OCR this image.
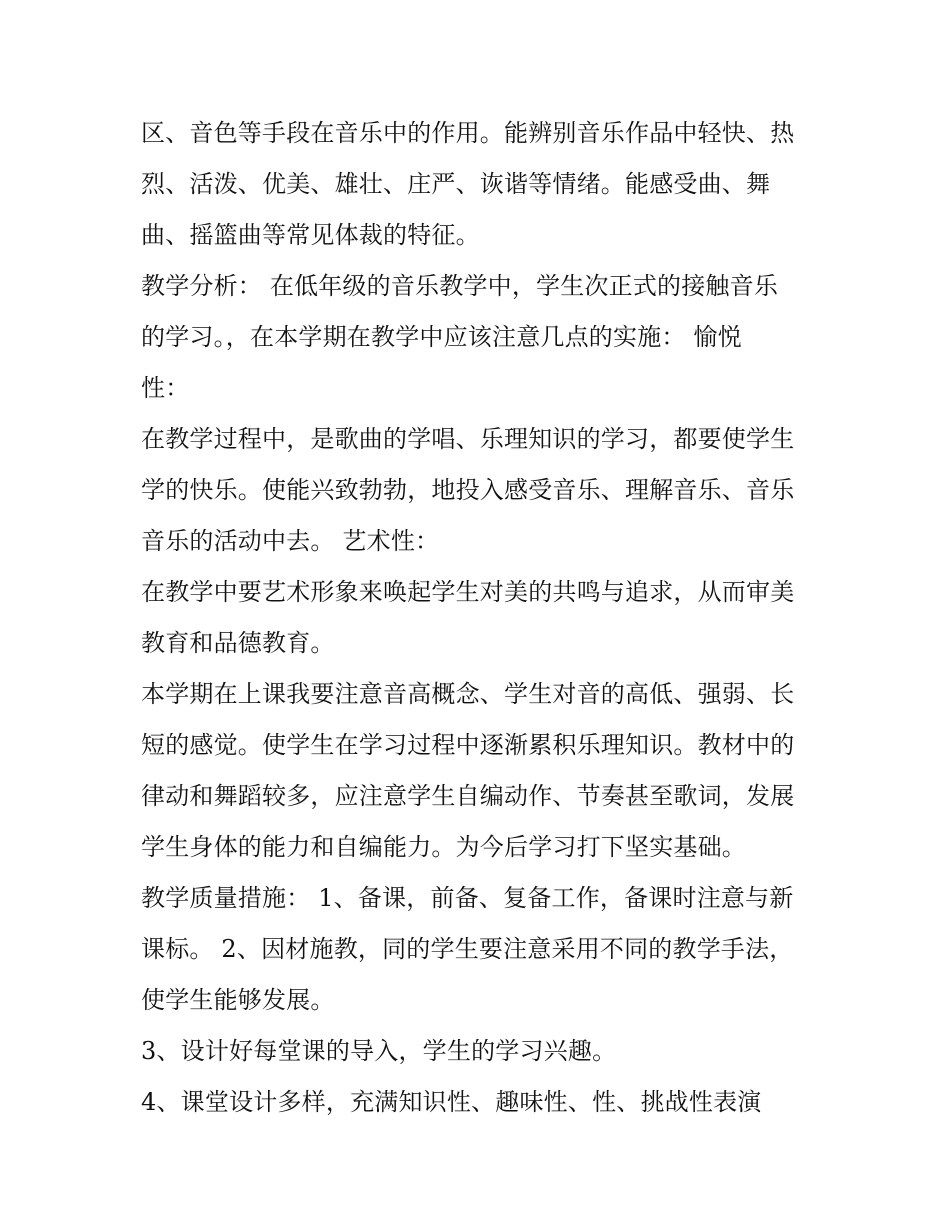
区、音色等手段在音乐中的作用。能辨别音乐作品中轻快、热
烈、活泼、优美、雄壮、庄严、诙谐等情绪。能感受曲、舞
曲、摇篮曲等常见体裁的特征。
教学分析： 在低年级的音乐教学中，学生次正式的接触音乐
的学习。，在本学期在教学中应该注意几点的实施： 愉悦
性：
在教学过程中，是歌曲的学唱、乐理知识的学习，都要使学生
学的快乐。使能兴致勃勃，地投入感受音乐、理解音乐、音乐
音乐的活动中去。 艺术性：
在教学中要艺术形象来唤起学生对美的共鸣与追求，从而审美
教育和品德教育。
本学期在上课我要注意音高概念、学生对音的高低、强弱、长
短的感觉。使学生在学习过程中逐渐累积乐理知识。教材中的
律动和舞蹈较多，应注意学生自编动作、节奏甚至歌词，发展
学生身体的能力和自编能力。为今后学习打下坚实基础。
教学质量措施： 1、备课，前备、复备工作，备课时注意与新
课标。 2、因材施教，同的学生要注意采用不同的教学手法，
使学生能够发展。
3、设计好每堂课的导入，学生的学习兴趣。
4、课堂设计多样，充满知识性、趣味性、性、挑战性表演
